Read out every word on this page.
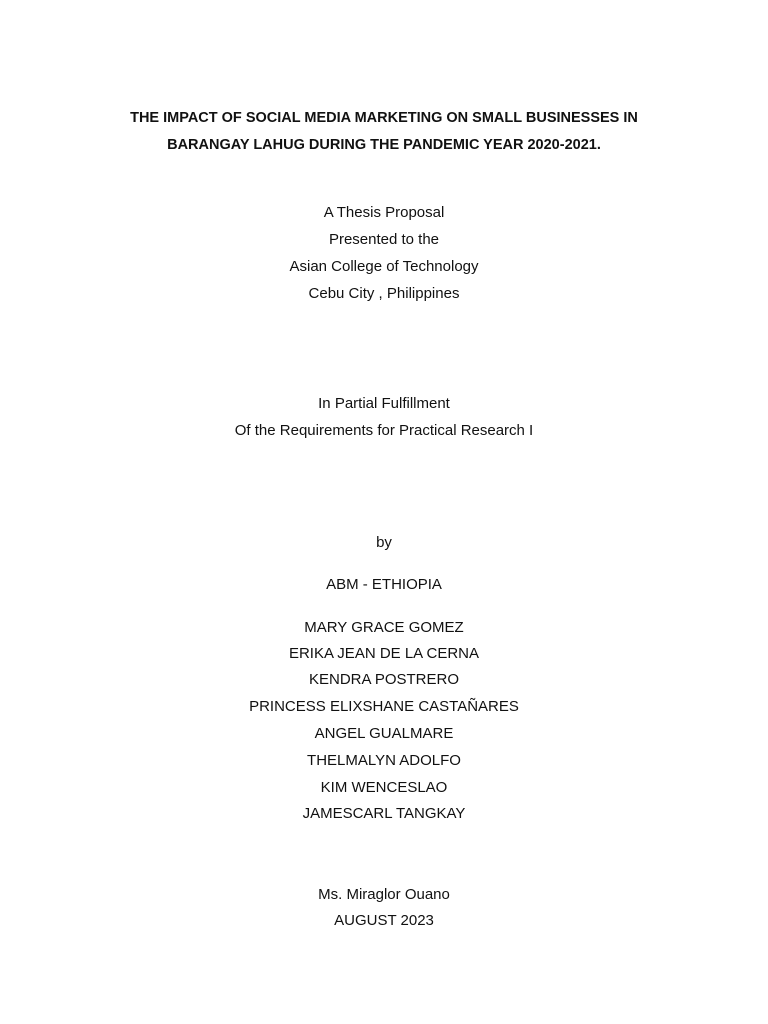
THE IMPACT OF SOCIAL MEDIA MARKETING ON SMALL BUSINESSES IN
BARANGAY LAHUG DURING THE PANDEMIC YEAR 2020-2021.
A Thesis Proposal
Presented to the
Asian College of Technology
Cebu City , Philippines
In Partial Fulfillment
Of the Requirements for Practical Research I
by
ABM - ETHIOPIA
MARY GRACE GOMEZ
ERIKA JEAN DE LA CERNA
KENDRA POSTRERO
PRINCESS ELIXSHANE CASTAÑARES
ANGEL GUALMARE
THELMALYN ADOLFO
KIM WENCESLAO
JAMESCARL TANGKAY
Ms. Miraglor Ouano
AUGUST 2023
